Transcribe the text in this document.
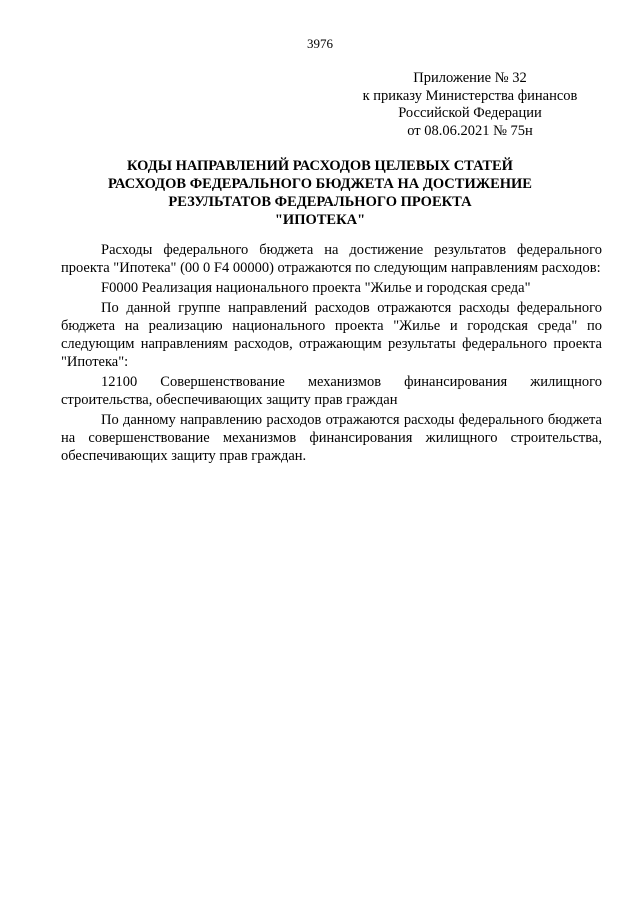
3976
Приложение № 32
к приказу Министерства финансов
Российской Федерации
от 08.06.2021 № 75н
КОДЫ НАПРАВЛЕНИЙ РАСХОДОВ ЦЕЛЕВЫХ СТАТЕЙ
РАСХОДОВ ФЕДЕРАЛЬНОГО БЮДЖЕТА НА ДОСТИЖЕНИЕ
РЕЗУЛЬТАТОВ ФЕДЕРАЛЬНОГО ПРОЕКТА
"ИПОТЕКА"

Расходы федерального бюджета на достижение результатов федерального проекта "Ипотека" (00 0 F4 00000) отражаются по следующим направлениям расходов:

F0000 Реализация национального проекта "Жилье и городская среда"

По данной группе направлений расходов отражаются расходы федерального бюджета на реализацию национального проекта "Жилье и городская среда" по следующим направлениям расходов, отражающим результаты федерального проекта "Ипотека":

12100 Совершенствование механизмов финансирования жилищного строительства, обеспечивающих защиту прав граждан

По данному направлению расходов отражаются расходы федерального бюджета на совершенствование механизмов финансирования жилищного строительства, обеспечивающих защиту прав граждан.
